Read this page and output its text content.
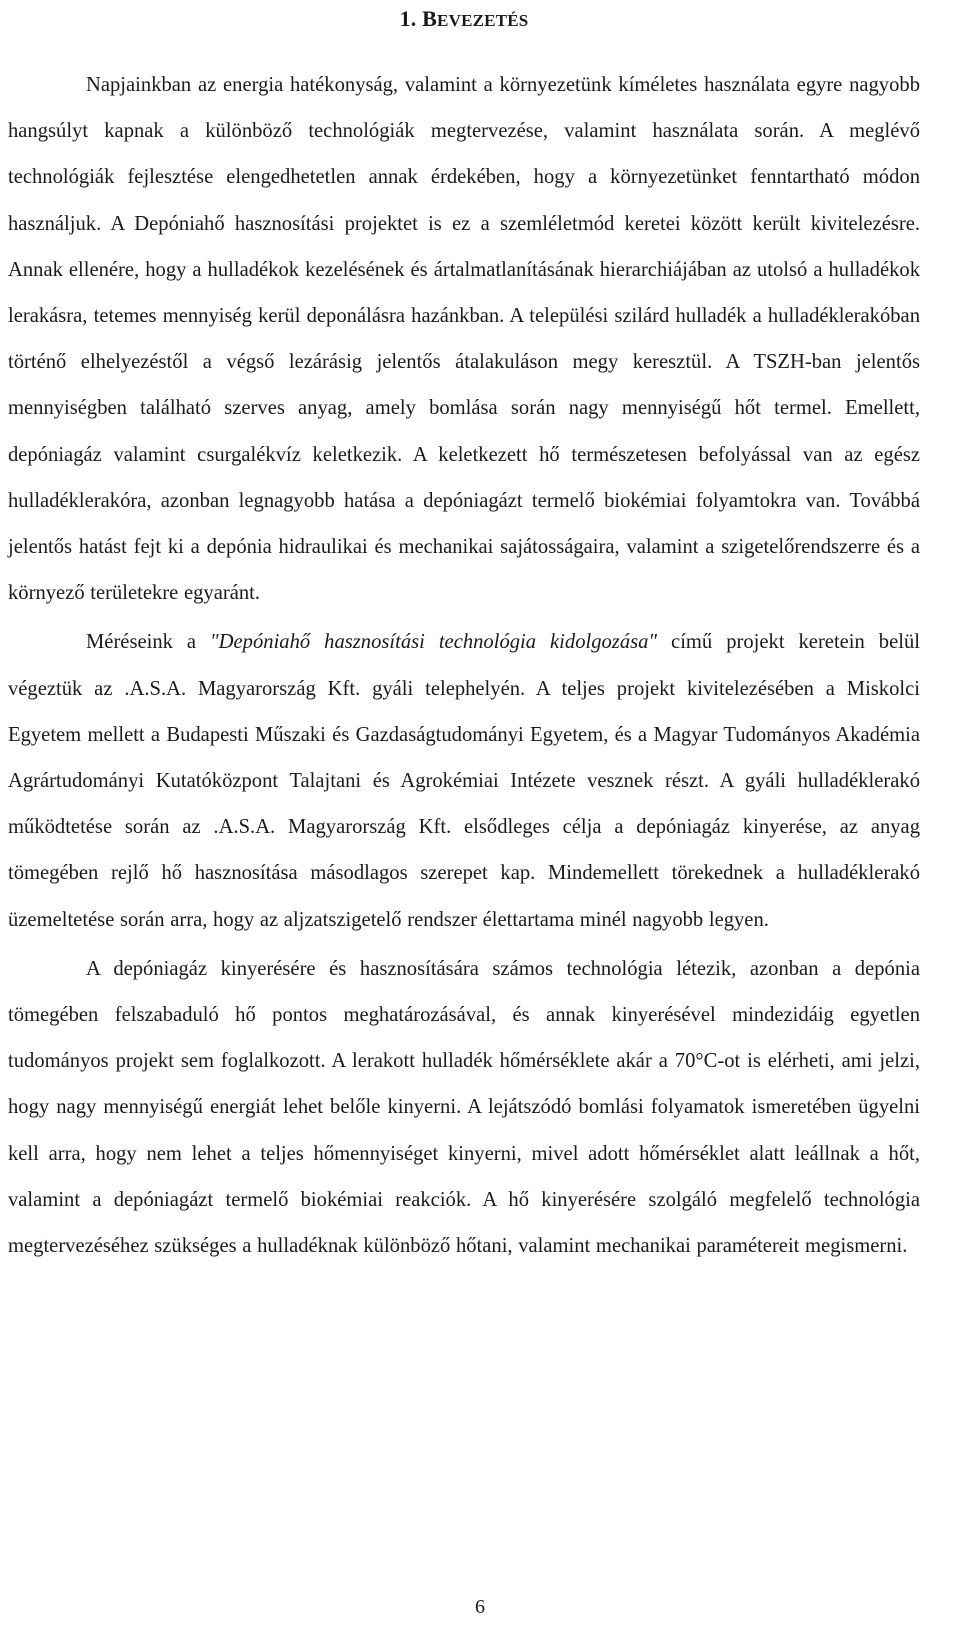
1. BEVEZETÉS

Napjainkban az energia hatékonyság, valamint a környezetünk kíméletes használata egyre nagyobb hangsúlyt kapnak a különböző technológiák megtervezése, valamint használata során. A meglévő technológiák fejlesztése elengedhetetlen annak érdekében, hogy a környezetünket fenntartható módon használjuk. A Depóniahő hasznosítási projektet is ez a szemléletmód keretei között került kivitelezésre. Annak ellenére, hogy a hulladékok kezelésének és ártalmatlanításának hierarchiájában az utolsó a hulladékok lerakásra, tetemes mennyiség kerül deponálásra hazánkban. A települési szilárd hulladék a hulladéklerakóban történő elhelyezéstől a végső lezárásig jelentős átalakuláson megy keresztül. A TSZH-ban jelentős mennyiségben található szerves anyag, amely bomlása során nagy mennyiségű hőt termel. Emellett, depóniagáz valamint csurgalékvíz keletkezik. A keletkezett hő természetesen befolyással van az egész hulladéklerakóra, azonban legnagyobb hatása a depóniagázt termelő biokémiai folyamtokra van. Továbbá jelentős hatást fejt ki a depónia hidraulikai és mechanikai sajátosságaira, valamint a szigetelőrendszerre és a környező területekre egyaránt.

Méréseink a "Depóniahő hasznosítási technológia kidolgozása" című projekt keretein belül végeztük az .A.S.A. Magyarország Kft. gyáli telephelyén. A teljes projekt kivitelezésében a Miskolci Egyetem mellett a Budapesti Műszaki és Gazdaságtudományi Egyetem, és a Magyar Tudományos Akadémia Agrártudományi Kutatóközpont Talajtani és Agrokémiai Intézete vesznek részt. A gyáli hulladéklerakó működtetése során az .A.S.A. Magyarország Kft. elsődleges célja a depóniagáz kinyerése, az anyag tömegében rejlő hő hasznosítása másodlagos szerepet kap. Mindemellett törekednek a hulladéklerakó üzemeltetése során arra, hogy az aljzatszigetelő rendszer élettartama minél nagyobb legyen.

A depóniagáz kinyerésére és hasznosítására számos technológia létezik, azonban a depónia tömegében felszabaduló hő pontos meghatározásával, és annak kinyerésével mindezidáig egyetlen tudományos projekt sem foglalkozott. A lerakott hulladék hőmérséklete akár a 70°C-ot is elérheti, ami jelzi, hogy nagy mennyiségű energiát lehet belőle kinyerni. A lejátszódó bomlási folyamatok ismeretében ügyelni kell arra, hogy nem lehet a teljes hőmennyiséget kinyerni, mivel adott hőmérséklet alatt leállnak a hőt, valamint a depóniagázt termelő biokémiai reakciók. A hő kinyerésére szolgáló megfelelő technológia megtervezéséhez szükséges a hulladéknak különböző hőtani, valamint mechanikai paramétereit megismerni.

6
